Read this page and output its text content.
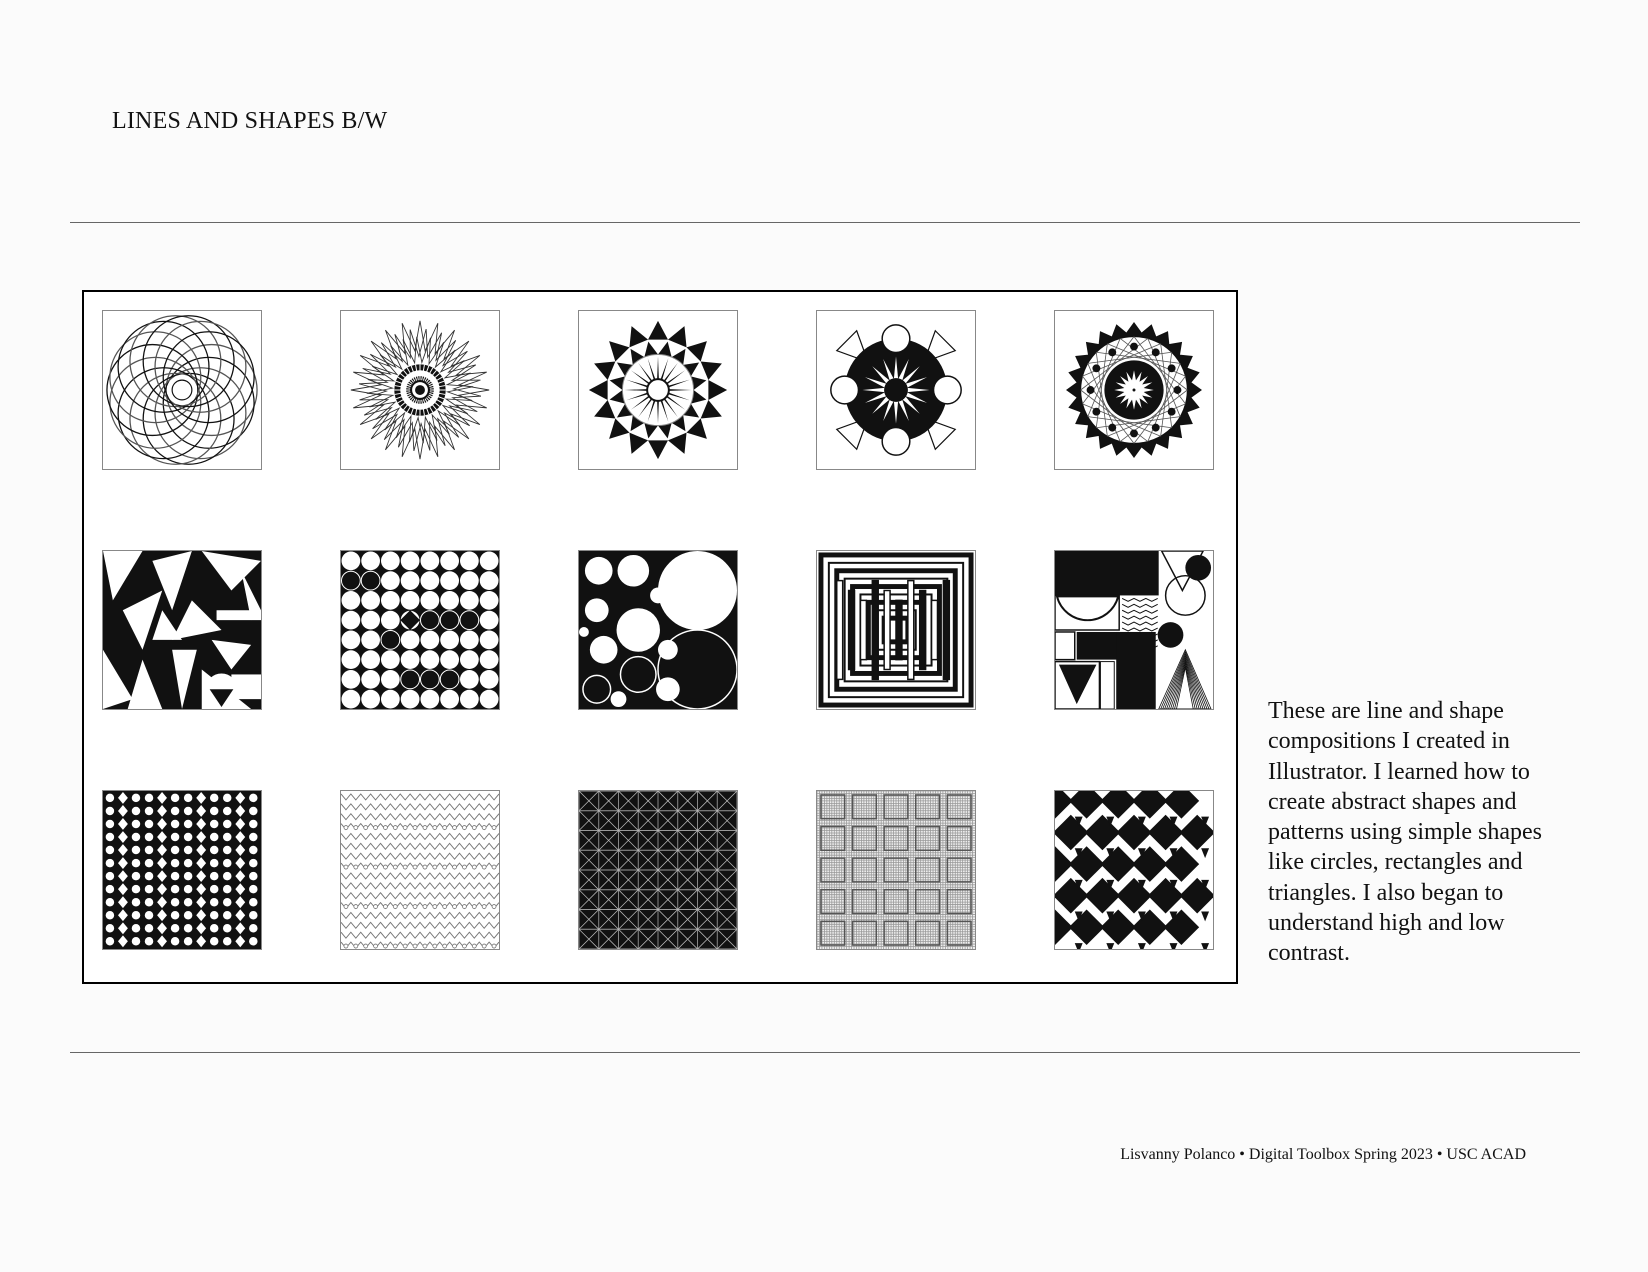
LINES AND SHAPES B/W

These are line and shape compositions I created in Illustrator. I learned how to create abstract shapes and patterns using simple shapes like circles, rectangles and triangles. I also began to understand high and low contrast.

Lisvanny Polanco • Digital Toolbox Spring 2023 • USC ACAD
